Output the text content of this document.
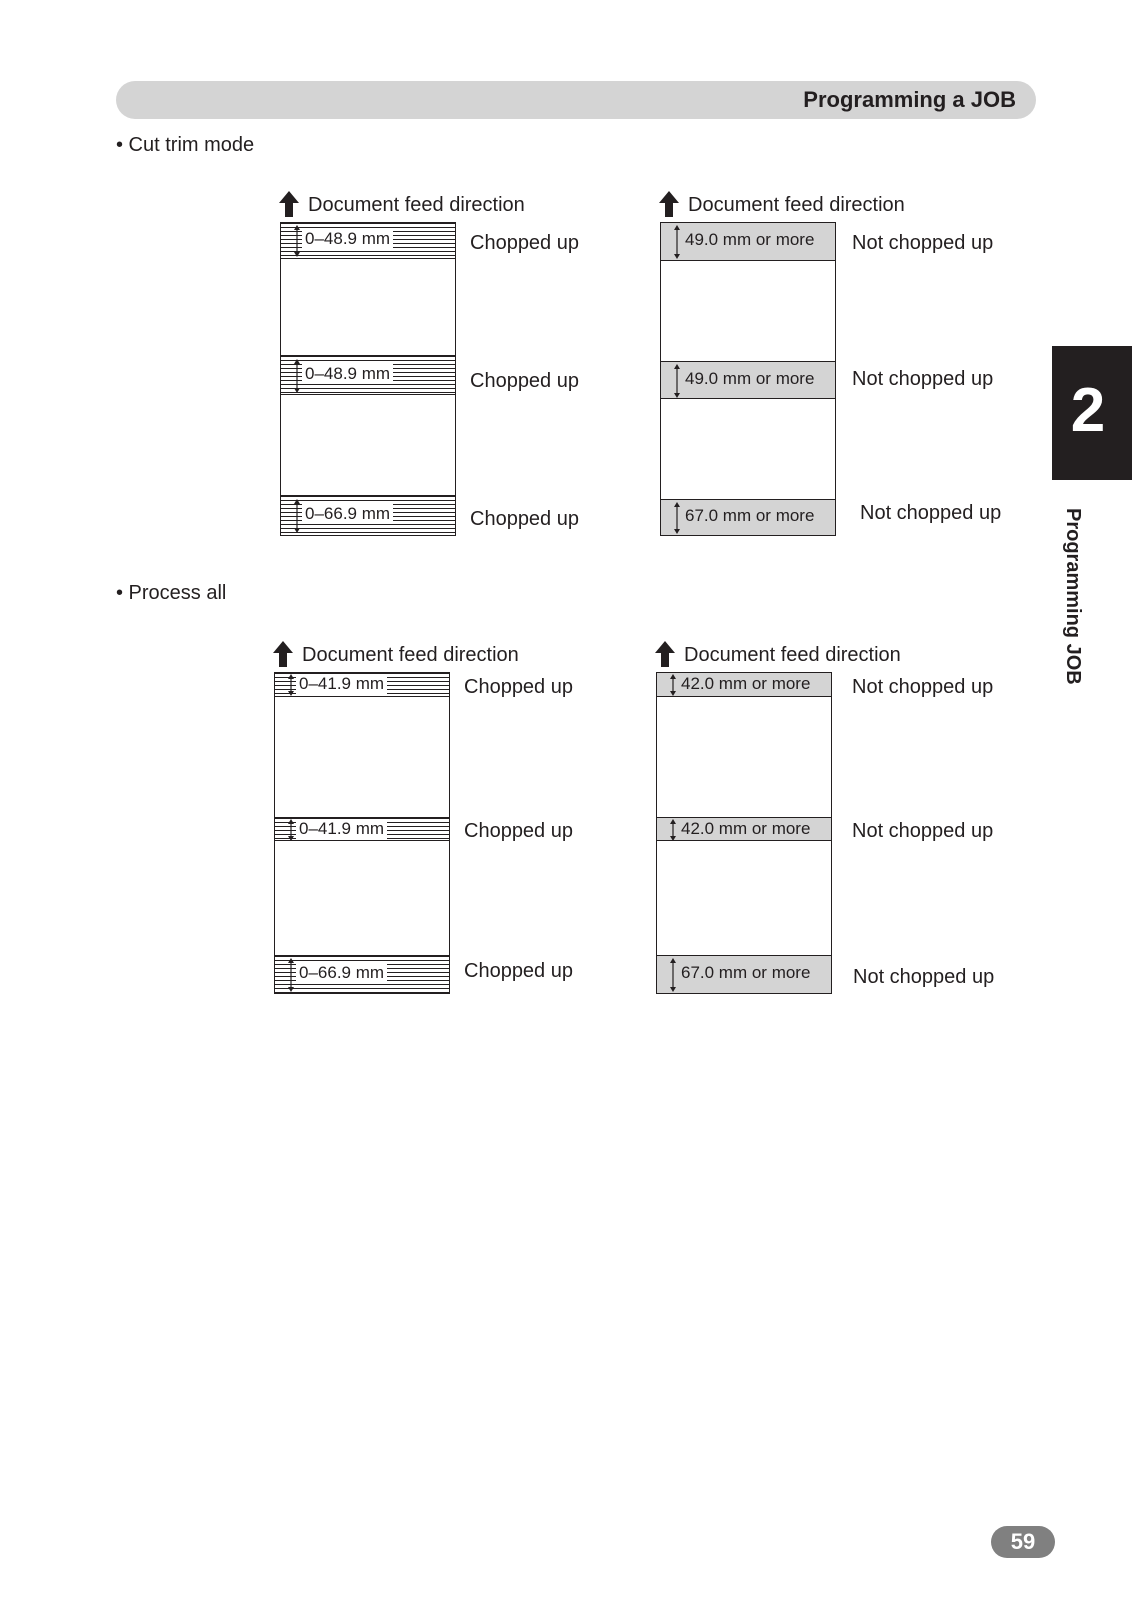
Programming a JOB
• Cut trim mode
Document feed direction
0–48.9 mm
0–48.9 mm
0–66.9 mm
Chopped up
Chopped up
Chopped up
Document feed direction
49.0 mm or more
49.0 mm or more
67.0 mm or more
Not chopped up
Not chopped up
Not chopped up
• Process all
Document feed direction
0–41.9 mm
0–41.9 mm
0–66.9 mm
Chopped up
Chopped up
Chopped up
Document feed direction
42.0 mm or more
42.0 mm or more
67.0 mm or more
Not chopped up
Not chopped up
Not chopped up
2
Programming JOB
59
